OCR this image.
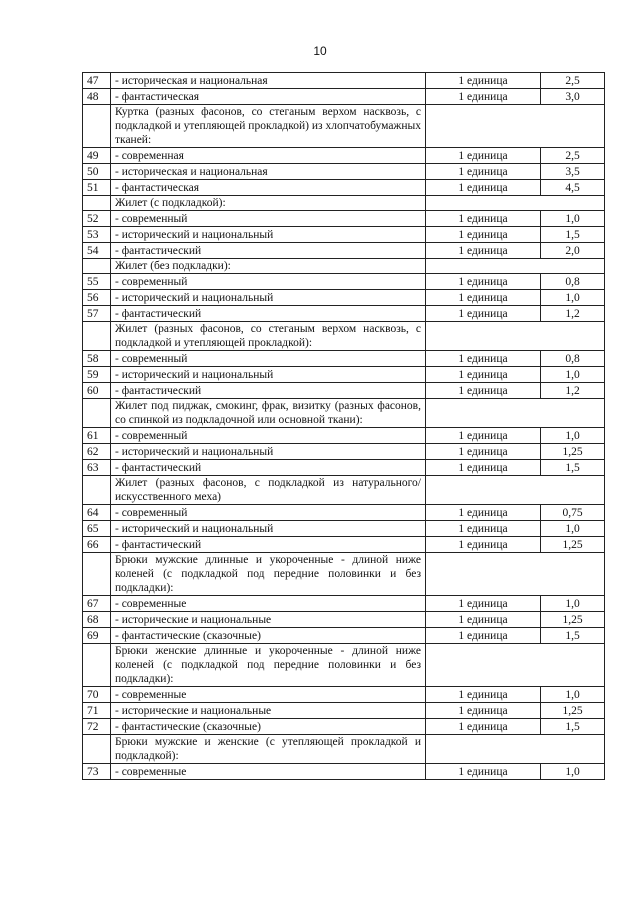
10
47	- историческая и национальная	1 единица	2,5
48	- фантастическая	1 единица	3,0
	Куртка (разных фасонов, со стеганым верхом насквозь, с подкладкой и утепляющей прокладкой) из хлопчатобумажных тканей:		
49	- современная	1 единица	2,5
50	- историческая и национальная	1 единица	3,5
51	- фантастическая	1 единица	4,5
	Жилет (с подкладкой):		
52	- современный	1 единица	1,0
53	- исторический и национальный	1 единица	1,5
54	- фантастический	1 единица	2,0
	Жилет (без подкладки):		
55	- современный	1 единица	0,8
56	- исторический и национальный	1 единица	1,0
57	- фантастический	1 единица	1,2
	Жилет (разных фасонов, со стеганым верхом насквозь, с подкладкой и утепляющей прокладкой):		
58	- современный	1 единица	0,8
59	- исторический и национальный	1 единица	1,0
60	- фантастический	1 единица	1,2
	Жилет под пиджак, смокинг, фрак, визитку (разных фасонов, со спинкой из подкладочной или основной ткани):		
61	- современный	1 единица	1,0
62	- исторический и национальный	1 единица	1,25
63	- фантастический	1 единица	1,5
	Жилет (разных фасонов, с подкладкой из натурального/искусственного меха)		
64	- современный	1 единица	0,75
65	- исторический и национальный	1 единица	1,0
66	- фантастический	1 единица	1,25
	Брюки мужские длинные и укороченные - длиной ниже коленей (с подкладкой под передние половинки и без подкладки):		
67	- современные	1 единица	1,0
68	- исторические и национальные	1 единица	1,25
69	- фантастические (сказочные)	1 единица	1,5
	Брюки женские длинные и укороченные - длиной ниже коленей (с подкладкой под передние половинки и без подкладки):		
70	- современные	1 единица	1,0
71	- исторические и национальные	1 единица	1,25
72	- фантастические (сказочные)	1 единица	1,5
	Брюки мужские и женские (с утепляющей прокладкой и подкладкой):		
73	- современные	1 единица	1,0
